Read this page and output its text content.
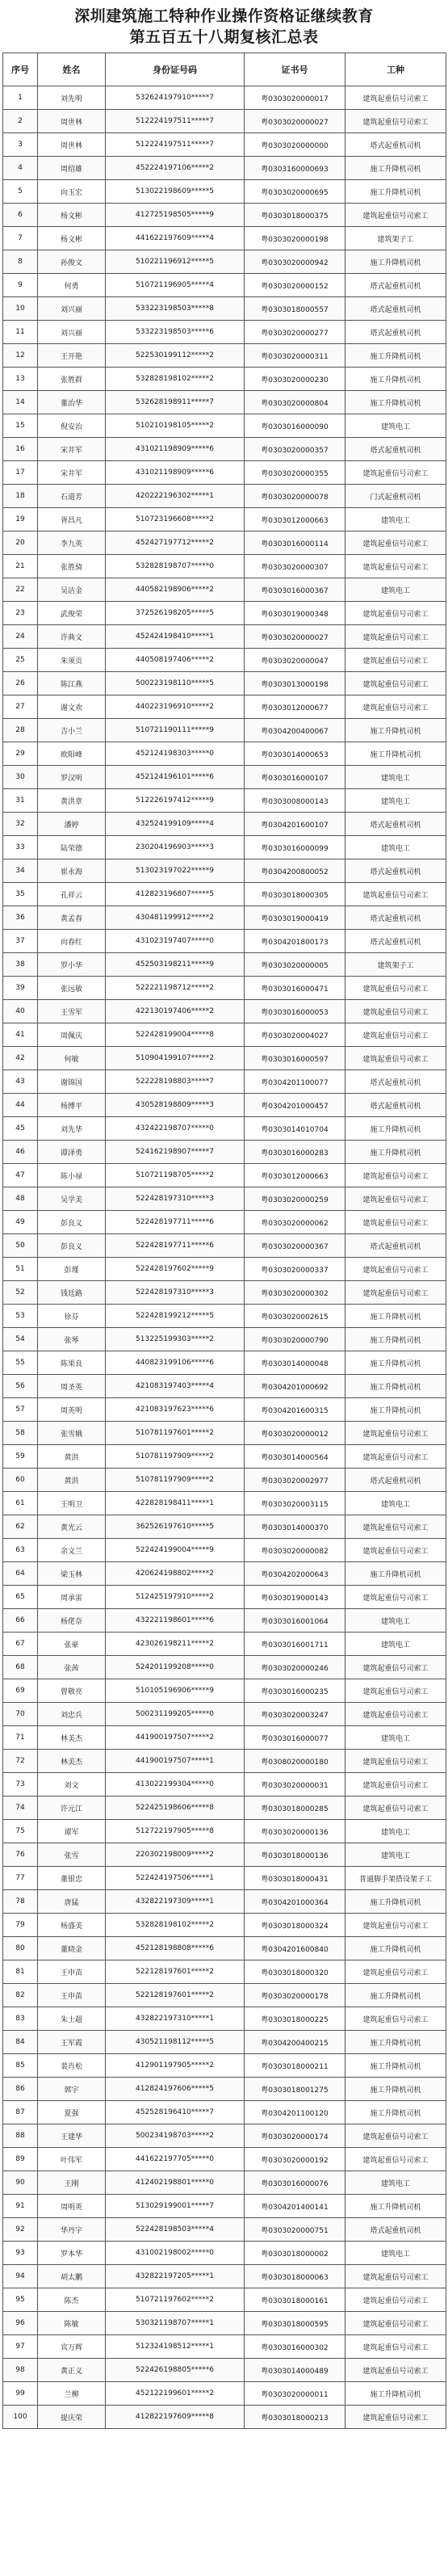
深圳建筑施工特种作业操作资格证继续教育
第五百五十八期复核汇总表
序号	姓名	身份证号码	证书号	工种
1	刘先明	532624197910*****7	粤0303020000017	建筑起重信号司索工
2	周世林	512224197511*****7	粤0303020000027	建筑起重信号司索工
3	周世林	512224197511*****7	粤0303020000000	塔式起重机司机
4	周绍雄	452224197106*****2	粤0303160000693	施工升降机司机
5	向玉宏	513022198609*****5	粤0303020000695	施工升降机司机
6	杨文彬	412725198505*****9	粤0303018000375	建筑起重信号司索工
7	杨文彬	441622197609*****4	粤0303020000198	建筑架子工
8	孙俊文	510221196912*****5	粤0303020000942	施工升降机司机
9	何勇	510721196905*****4	粤0303020000152	塔式起重机司机
10	刘兴丽	533223198503*****8	粤0303018000557	塔式起重机司机
11	刘兴丽	533223198503*****6	粤0303020000277	塔式起重机司机
12	王开艳	522530199112*****2	粤0303020000311	施工升降机司机
13	张胜群	532828198102*****2	粤0303020000230	施工升降机司机
14	董治华	532628198911*****7	粤0303020000804	施工升降机司机
15	倪安治	510210198105*****2	粤0303016000090	建筑电工
16	宋井军	431021198909*****6	粤0303020000357	塔式起重机司机
17	宋井军	431021198909*****6	粤0303020000355	建筑起重信号司索工
18	石道芳	420222196302*****1	粤0303020000078	门式起重机司机
19	胥昌凡	510723196608*****2	粤0303012000663	建筑电工
20	李九英	452427197712*****2	粤0303016000114	建筑起重信号司索工
21	张胜骑	532828198707*****0	粤0303020000307	建筑起重信号司索工
22	吴洁金	440582198906*****2	粤0303016000367	建筑电工
23	武俊荣	372526198205*****5	粤0303019000348	建筑起重信号司索工
24	许典文	452424198410*****1	粤0303020000027	建筑起重信号司索工
25	朱须贡	440508197406*****2	粤0303020000047	建筑起重信号司索工
26	陈江燕	500223198110*****5	粤0303013000198	建筑起重信号司索工
27	谢文欢	440223196910*****2	粤0303012000677	建筑起重信号司索工
28	吉小兰	510721190111*****9	粤0304200400067	施工升降机司机
29	欧阳峰	452124198303*****0	粤0303014000653	施工升降机司机
30	罗汉明	452124196101*****6	粤0303016000107	建筑电工
31	黄洪章	512226197412*****9	粤0303008000143	建筑电工
32	潘婷	432524199109*****4	粤0304201600107	塔式起重机司机
33	陆荣德	230204196903*****3	粤0303016000099	建筑电工
34	崔永海	513023197022*****9	粤0304200800052	塔式起重机司机
35	孔祥云	412823196807*****5	粤0303018000305	建筑起重信号司索工
36	黄孟春	430481199912*****2	粤0303019000419	塔式起重机司机
37	向春红	431023197407*****0	粤0304201800173	塔式起重机司机
38	罗小华	452503198211*****9	粤0303020000005	建筑架子工
39	张远敏	522221198712*****2	粤0303016000471	建筑起重信号司索工
40	王雪军	422130197406*****2	粤0303016000053	建筑起重信号司索工
41	周佩庆	522428199004*****8	粤0303020004027	建筑起重信号司索工
42	何敏	510904199107*****2	粤0303016000597	建筑起重信号司索工
43	谢锦国	522228198803*****7	粤0304201100077	塔式起重机司机
44	杨博平	430528198809*****3	粤0304201000457	塔式起重机司机
45	刘先华	432422198707*****0	粤0303014010704	施工升降机司机
46	谭泽勇	524162198907*****7	粤0303016000283	施工升降机司机
47	陈小禄	510721198705*****2	粤0303012000663	建筑起重信号司索工
48	吴学美	522428197310*****3	粤0303020000259	建筑起重信号司索工
49	彭良义	522428197711*****6	粤0303020000062	建筑起重信号司索工
50	彭良义	522428197711*****6	粤0303020000367	塔式起重机司机
51	彭瑾	522428197602*****9	粤0303020000337	建筑起重信号司索工
52	钱廷路	522428197310*****3	粤0303020000302	建筑起重信号司索工
53	徐芬	522428199212*****5	粤0303020002615	施工升降机司机
54	张琴	513225199303*****2	粤0303020000790	施工升降机司机
55	陈果良	440823199106*****6	粤0303014000048	施工升降机司机
56	周圣英	421083197403*****4	粤0304201000692	施工升降机司机
57	周英明	421083197623*****6	粤0304201600315	施工升降机司机
58	张雪娥	510781197601*****2	粤0303020000012	建筑起重信号司索工
59	黄洪	510781197909*****2	粤0303014000564	建筑起重信号司索工
60	黄洪	510781197909*****2	粤0303020002977	塔式起重机司机
61	王明卫	422828198411*****1	粤0303020003115	建筑电工
62	黄光云	362526197610*****5	粤0303014000370	建筑起重信号司索工
63	余文兰	522424199004*****9	粤0303020000082	建筑起重信号司索工
64	梁玉林	420624198802*****2	粤0304202000643	施工升降机司机
65	周承雷	512425197910*****2	粤0303019000143	建筑起重信号司索工
66	杨佬奈	432221198601*****6	粤0303016001064	建筑电工
67	张豪	423026198211*****2	粤0303016001711	建筑电工
68	张茜	524201199208*****0	粤0303020000246	建筑起重信号司索工
69	曾敬亮	510105196906*****9	粤0303016000235	建筑起重信号司索工
70	刘忠兵	500231199205*****0	粤0303020003247	建筑起重信号司索工
71	林美杰	441900197507*****2	粤0303016000077	建筑电工
72	林美杰	441900197507*****1	粤0308020000180	建筑起重信号司索工
73	刘文	413022199304*****0	粤0303020000031	建筑起重信号司索工
74	许元江	522425198606*****8	粤0303018000285	建筑起重信号司索工
75	谭军	512722197905*****8	粤0303020000136	建筑电工
76	张雪	220302198009*****2	粤0303018000136	建筑电工
77	董银忠	522424197506*****1	粤0303018000431	普通脚手架搭设架子工
78	唐猛	432822197309*****1	粤0304201000364	施工升降机司机
79	杨盛美	532828198102*****2	粤0303018000324	建筑起重信号司索工
80	董晓金	452128198808*****6	粤0304201600840	施工升降机司机
81	王申苗	522128197601*****2	粤0303018000320	建筑起重信号司索工
82	王申苗	522128197601*****2	粤0303020000178	施工升降机司机
83	朱士超	432822197310*****1	粤0303018000225	建筑起重信号司索工
84	王军霞	430521198112*****5	粤0304200400215	施工升降机司机
85	裴肖松	412901197905*****2	粤0303018000211	施工升降机司机
86	郭宇	412824197606*****5	粤0303018001275	施工升降机司机
87	夏强	452528196410*****7	粤0304201100120	施工升降机司机
88	王建华	500234198703*****2	粤0303020000174	建筑起重信号司索工
89	叶伟军	441622197705*****0	粤0303020000192	建筑起重信号司索工
90	王刚	412402198801*****0	粤0303016000076	建筑电工
91	周明英	513029199001*****7	粤0304201400141	施工升降机司机
92	华丹宇	522428198503*****4	粤0303020000751	塔式起重机司机
93	罗本华	431002198002*****0	粤0303018000002	建筑电工
94	胡太鹏	432822197205*****1	粤0303018000063	建筑起重信号司索工
95	陈杰	510721197602*****2	粤0303018000161	建筑起重信号司索工
96	陈敏	530321198707*****1	粤0303018000595	建筑起重信号司索工
97	宾万辉	512324198512*****1	粤0303016000302	建筑起重信号司索工
98	黄正义	522426198805*****6	粤0303014000489	建筑起重信号司索工
99	兰柳	452122199601*****2	粤0303020000011	施工升降机司机
100	提庆荣	412822197609*****8	粤0303018000213	建筑起重信号司索工
